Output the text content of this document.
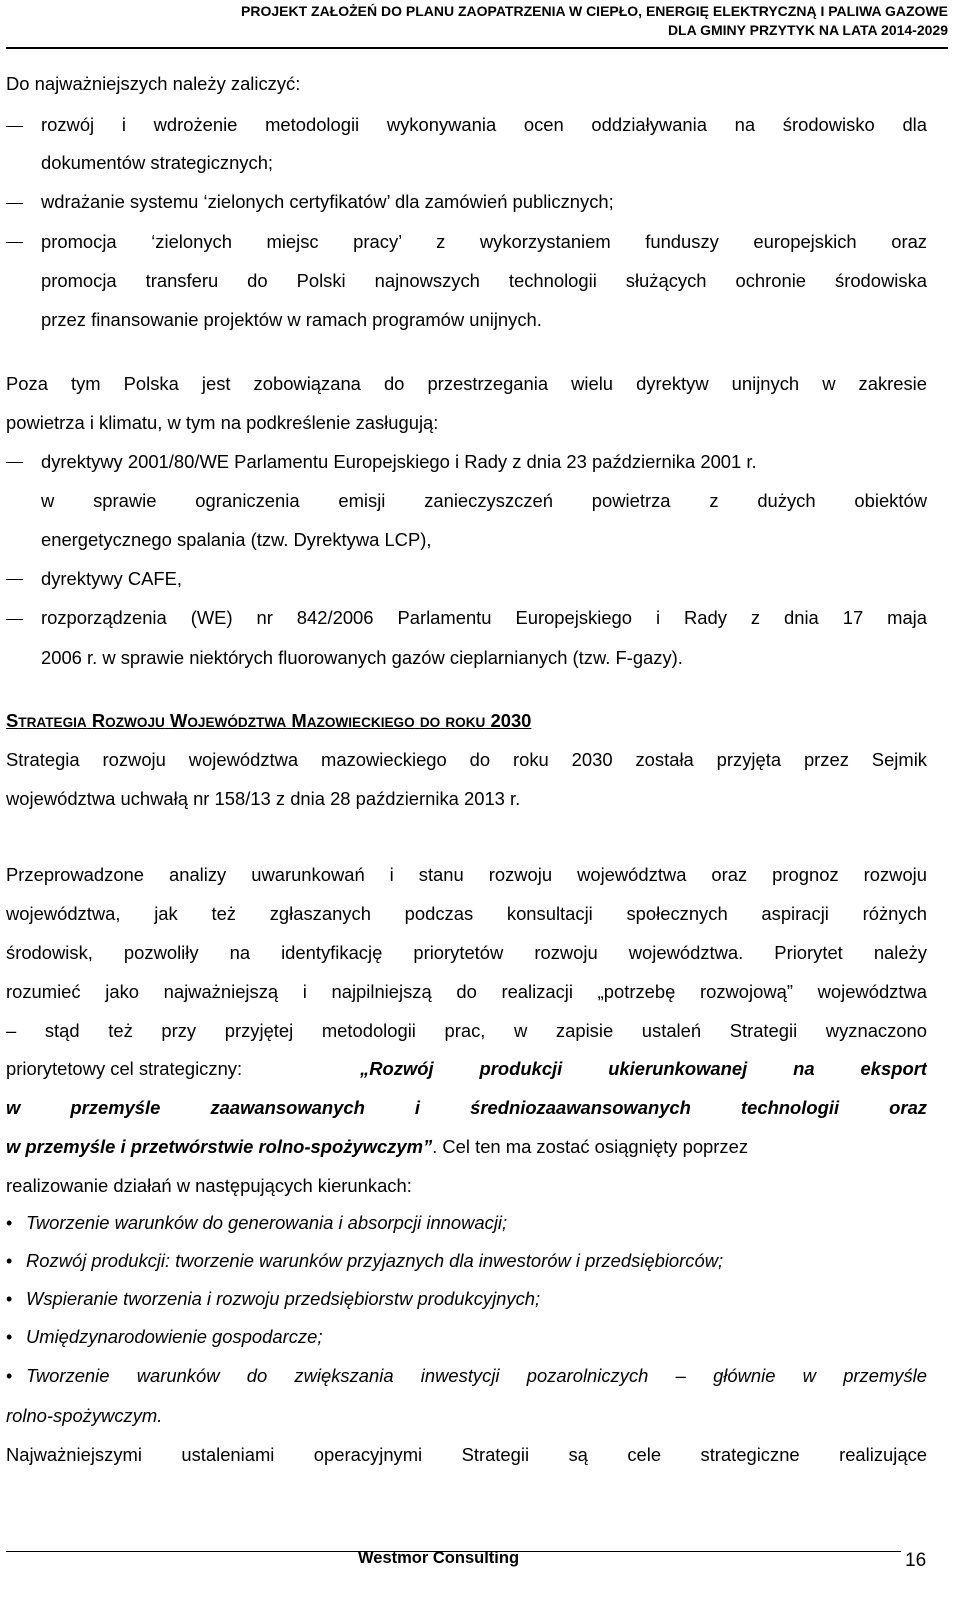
PROJEKT ZAŁOŻEŃ DO PLANU ZAOPATRZENIA W CIEPŁO, ENERGIĘ ELEKTRYCZNĄ I PALIWA GAZOWE
DLA GMINY PRZYTYK NA LATA 2014-2029
Do najważniejszych należy zaliczyć:
rozwój i wdrożenie metodologii wykonywania ocen oddziaływania na środowisko dla
dokumentów strategicznych;
wdrażanie systemu ‘zielonych certyfikatów’ dla zamówień publicznych;
promocja ‘zielonych miejsc pracy’ z wykorzystaniem funduszy europejskich oraz
promocja transferu do Polski najnowszych technologii służących ochronie środowiska
przez finansowanie projektów w ramach programów unijnych.
Poza tym Polska jest zobowiązana do przestrzegania wielu dyrektyw unijnych w zakresie
powietrza i klimatu, w tym na podkreślenie zasługują:
dyrektywy 2001/80/WE Parlamentu Europejskiego i Rady z dnia 23 października 2001 r.
w sprawie ograniczenia emisji zanieczyszczeń powietrza z dużych obiektów
energetycznego spalania (tzw. Dyrektywa LCP),
dyrektywy CAFE,
rozporządzenia (WE) nr 842/2006 Parlamentu Europejskiego i Rady z dnia 17 maja
2006 r. w sprawie niektórych fluorowanych gazów cieplarnianych (tzw. F-gazy).
STRATEGIA ROZWOJU WOJEWÓDZTWA MAZOWIECKIEGO DO ROKU 2030
Strategia rozwoju województwa mazowieckiego do roku 2030 została przyjęta przez Sejmik
województwa uchwałą nr 158/13 z dnia 28 października 2013 r.
Przeprowadzone analizy uwarunkowań i stanu rozwoju województwa oraz prognoz rozwoju
województwa, jak też zgłaszanych podczas konsultacji społecznych aspiracji różnych
środowisk, pozwoliły na identyfikację priorytetów rozwoju województwa. Priorytet należy
rozumieć jako najważniejszą i najpilniejszą do realizacji „potrzebę rozwojową” województwa
– stąd też przy przyjętej metodologii prac, w zapisie ustaleń Strategii wyznaczono
priorytetowy cel strategiczny:	„Rozwój produkcji ukierunkowanej na eksport
w przemyśle zaawansowanych i średniozaawansowanych technologii oraz
w przemyśle i przetwórstwie rolno-spożywczym”. Cel ten ma zostać osiągnięty poprzez
realizowanie działań w następujących kierunkach:
• Tworzenie warunków do generowania i absorpcji innowacji;
• Rozwój produkcji: tworzenie warunków przyjaznych dla inwestorów i przedsiębiorców;
• Wspieranie tworzenia i rozwoju przedsiębiorstw produkcyjnych;
• Umiędzynarodowienie gospodarcze;
• Tworzenie warunków do zwiększania inwestycji pozarolniczych – głównie w przemyśle
rolno-spożywczym.
Najważniejszymi ustaleniami operacyjnymi Strategii są cele strategiczne realizujące
Westmor Consulting	16
